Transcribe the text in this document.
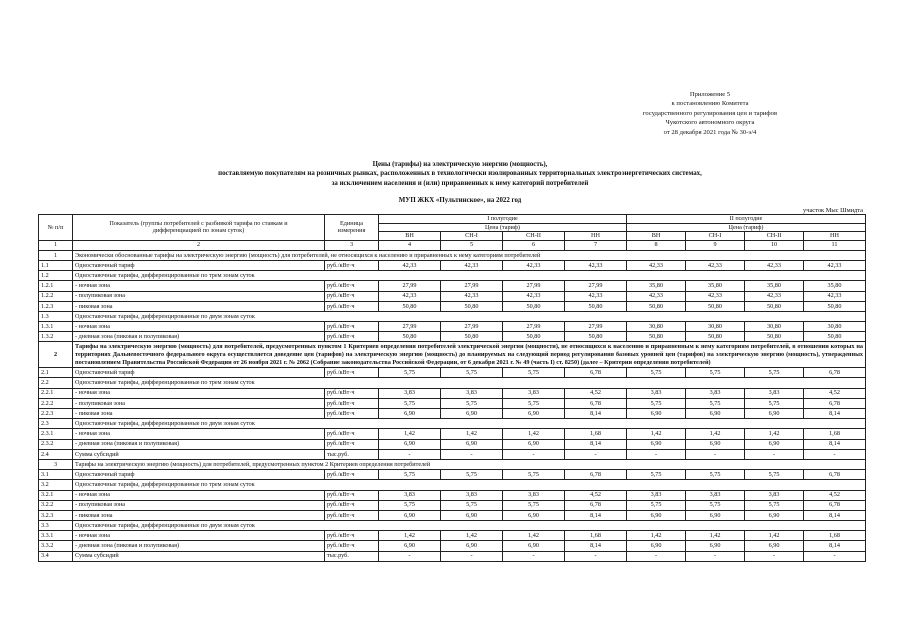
Приложение 5
к постановлению Комитета
государственного регулирования цен и тарифов
Чукотского автономного округа
от 28 декабря 2021 года № 30-э/4
Цены (тарифы) на электрическую энергию (мощность),
поставляемую покупателям на розничных рынках, расположенных в технологически изолированных территориальных электроэнергетических системах,
за исключением населения и (или) приравненных к нему категорий потребителей
МУП ЖКХ «Пультинское», на 2022 год
участок Мыс Шмидта
№ п/п	Показатель (группы потребителей с разбивкой тарифа по ставкам и дифференциацией по зонам суток)	Единица измерения	I полугодие				II полугодие			
			Цена (тариф)				Цена (тариф)			
			ВН	СН-I	СН-II	НН	ВН	СН-I	СН-II	НН
1	2	3	4	5	6	7	8	9	10	11
1	Экономически обоснованные тарифы на электрическую энергию (мощность) для потребителей, не относящихся к населению и приравненных к нему категориям потребителей									
1.1	Одноставочный тариф	руб./кВт·ч	42,33	42,33	42,33	42,33	42,33	42,33	42,33	42,33
1.2	Одноставочные тарифы, дифференцированные по трем зонам суток									
1.2.1	- ночная зона	руб./кВт·ч	27,99	27,99	27,99	27,99	35,80	35,80	35,80	35,80
1.2.2	- полупиковая зона	руб./кВт·ч	42,33	42,33	42,33	42,33	42,33	42,33	42,33	42,33
1.2.3	- пиковая зона	руб./кВт·ч	50,80	50,80	50,80	50,80	50,80	50,80	50,80	50,80
1.3	Одноставочные тарифы, дифференцированные по двум зонам суток									
1.3.1	- ночная зона	руб./кВт·ч	27,99	27,99	27,99	27,99	30,80	30,80	30,80	30,80
1.3.2	- дневная зона (пиковая и полупиковая)	руб./кВт·ч	50,80	50,80	50,80	50,80	50,80	50,80	50,80	50,80
2	Тарифы на электрическую энергию (мощность) для потребителей, предусмотренных пунктом 1 Критериев определения потребителей электрической энергии (мощности), не относящихся к населению и приравненным к нему категориям потребителей, в отношении которых на территориях Дальневосточного федерального округа осуществляется доведение цен (тарифов) на электрическую энергию (мощность) до планируемых на следующий период регулирования базовых уровней цен (тарифов) на электрическую энергию (мощность), утвержденных постановлением Правительства Российской Федерации от 26 ноября 2021 г. № 2062 (Собрание законодательства Российской Федерации, от 6 декабря 2021 г. № 49 (часть I) ст. 8250) (далее – Критерии определения потребителей)									
2.1	Одноставочный тариф	руб./кВт·ч	5,75	5,75	5,75	6,78	5,75	5,75	5,75	6,78
2.2	Одноставочные тарифы, дифференцированные по трем зонам суток									
2.2.1	- ночная зона	руб./кВт·ч	3,83	3,83	3,83	4,52	3,83	3,83	3,83	4,52
2.2.2	- полупиковая зона	руб./кВт·ч	5,75	5,75	5,75	6,78	5,75	5,75	5,75	6,78
2.2.3	- пиковая зона	руб./кВт·ч	6,90	6,90	6,90	8,14	6,90	6,90	6,90	8,14
2.3	Одноставочные тарифы, дифференцированные по двум зонам суток									
2.3.1	- ночная зона	руб./кВт·ч	1,42	1,42	1,42	1,68	1,42	1,42	1,42	1,68
2.3.2	- дневная зона (пиковая и полупиковая)	руб./кВт·ч	6,90	6,90	6,90	8,14	6,90	6,90	6,90	8,14
2.4	Сумма субсидий	тыс.руб.	-	-	-	-	-	-	-	-
3	Тарифы на электрическую энергию (мощность) для потребителей, предусмотренных пунктом 2 Критериев определения потребителей									
3.1	Одноставочный тариф	руб./кВт·ч	5,75	5,75	5,75	6,78	5,75	5,75	5,75	6,78
3.2	Одноставочные тарифы, дифференцированные по трем зонам суток									
3.2.1	- ночная зона	руб./кВт·ч	3,83	3,83	3,83	4,52	3,83	3,83	3,83	4,52
3.2.2	- полупиковая зона	руб./кВт·ч	5,75	5,75	5,75	6,78	5,75	5,75	5,75	6,78
3.2.3	- пиковая зона	руб./кВт·ч	6,90	6,90	6,90	8,14	6,90	6,90	6,90	8,14
3.3	Одноставочные тарифы, дифференцированные по двум зонам суток									
3.3.1	- ночная зона	руб./кВт·ч	1,42	1,42	1,42	1,68	1,42	1,42	1,42	1,68
3.3.2	- дневная зона (пиковая и полупиковая)	руб./кВт·ч	6,90	6,90	6,90	8,14	6,90	6,90	6,90	8,14
3.4	Сумма субсидий	тыс.руб.	-	-	-	-	-	-	-	-
